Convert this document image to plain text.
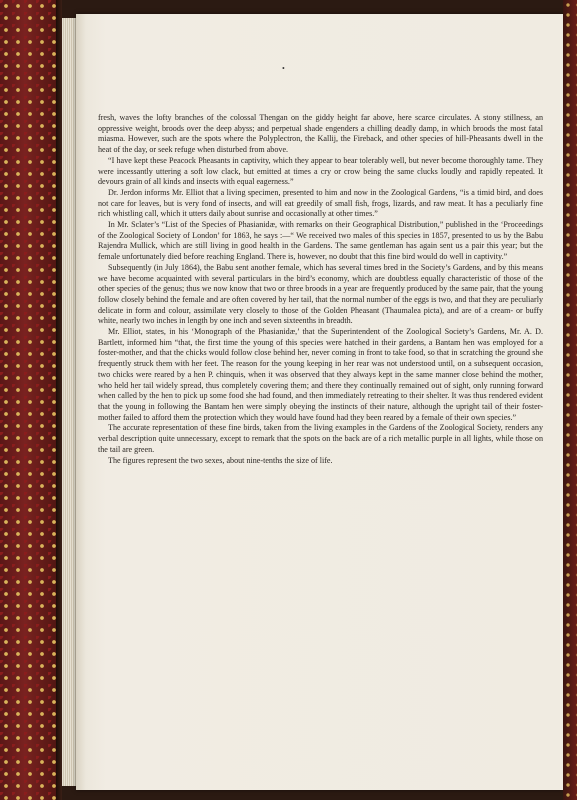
•

fresh, waves the lofty branches of the colossal Thengan on the giddy height far above, here scarce circulates. A stony stillness, an oppressive weight, broods over the deep abyss; and perpetual shade engenders a chilling deadly damp, in which broods the most fatal miasma. However, such are the spots where the Polyplectron, the Kallij, the Fireback, and other species of hill-Pheasants dwell in the heat of the day, or seek refuge when disturbed from above.

“I have kept these Peacock Pheasants in captivity, which they appear to bear tolerably well, but never become thoroughly tame. They were incessantly uttering a soft low clack, but emitted at times a cry or crow being the same clucks loudly and rapidly repeated. It devours grain of all kinds and insects with equal eagerness.”

Dr. Jerdon informs Mr. Elliot that a living specimen, presented to him and now in the Zoological Gardens, “is a timid bird, and does not care for leaves, but is very fond of insects, and will eat greedily of small fish, frogs, lizards, and raw meat. It has a peculiarly fine rich whistling call, which it utters daily about sunrise and occasionally at other times.”

In Mr. Sclater’s “List of the Species of Phasianidæ, with remarks on their Geographical Distribution,” published in the ‘Proceedings of the Zoological Society of London’ for 1863, he says :—“ We received two males of this species in 1857, presented to us by the Babu Rajendra Mullick, which are still living in good health in the Gardens. The same gentleman has again sent us a pair this year; but the female unfortunately died before reaching England. There is, however, no doubt that this fine bird would do well in captivity.”

Subsequently (in July 1864), the Babu sent another female, which has several times bred in the Society’s Gardens, and by this means we have become acquainted with several particulars in the bird’s economy, which are doubtless equally characteristic of those of the other species of the genus; thus we now know that two or three broods in a year are frequently produced by the same pair, that the young follow closely behind the female and are often covered by her tail, that the normal number of the eggs is two, and that they are peculiarly delicate in form and colour, assimilate very closely to those of the Golden Pheasant (Thaumalea picta), and are of a cream- or buffy white, nearly two inches in length by one inch and seven sixteenths in breadth.

Mr. Elliot, states, in his ‘Monograph of the Phasianidæ,’ that the Superintendent of the Zoological Society’s Gardens, Mr. A. D. Bartlett, informed him “that, the first time the young of this species were hatched in their gardens, a Bantam hen was employed for a foster-mother, and that the chicks would follow close behind her, never coming in front to take food, so that in scratching the ground she frequently struck them with her feet. The reason for the young keeping in her rear was not understood until, on a subsequent occasion, two chicks were reared by a hen P. chinquis, when it was observed that they always kept in the same manner close behind the mother, who held her tail widely spread, thus completely covering them; and there they continually remained out of sight, only running forward when called by the hen to pick up some food she had found, and then immediately retreating to their shelter. It was thus rendered evident that the young in following the Bantam hen were simply obeying the instincts of their nature, although the upright tail of their foster-mother failed to afford them the protection which they would have found had they been reared by a female of their own species.”

The accurate representation of these fine birds, taken from the living examples in the Gardens of the Zoological Society, renders any verbal description quite unnecessary, except to remark that the spots on the back are of a rich metallic purple in all lights, while those on the tail are green.

The figures represent the two sexes, about nine-tenths the size of life.
